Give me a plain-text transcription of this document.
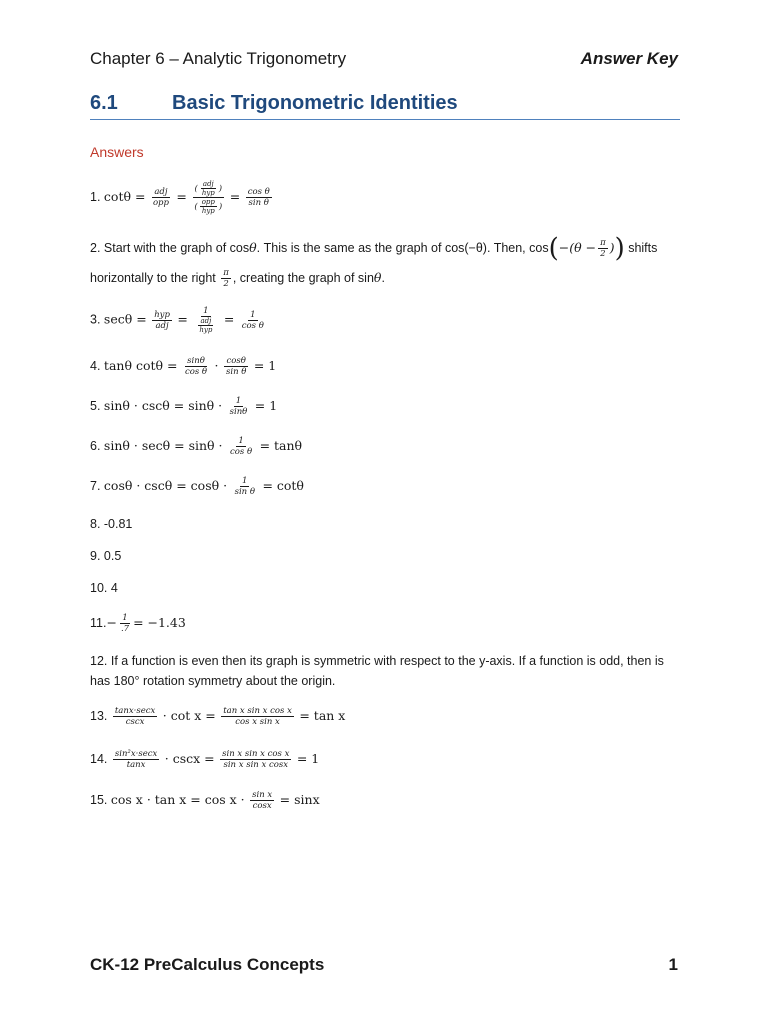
Chapter 6 – Analytic Trigonometry	Answer Key
6.1	Basic Trigonometric Identities
Answers
1. $\cot\theta = \frac{\text{adj}}{\text{opp}} = \frac{( \frac{\text{adj}}{\text{hyp}} )}{( \frac{\text{opp}}{\text{hyp}} )} = \frac{\text{cos θ}}{\text{sin θ}}$
2. Start with the graph of cosθ. This is the same as the graph of cos(−θ). Then, $\cos(-(\theta - \frac{\pi}{2}$ )) shifts
horizontally to the right $\frac{\pi}{2}$ , creating the graph of sinθ.
3. $\sec\theta = \frac{\text{hyp}}{\text{adj}} = \frac{1}{\frac{\text{adj}}{\text{hyp}}} = \frac{1}{\text{cos θ}}$
4. tanθ $\cot\theta = \frac{\sin\theta}{\text{cos θ}} \cdot \frac{\cos\theta}{\text{sin θ}} = 1$
5. $\sin\theta \cdot \csc\theta = \sin\theta \cdot \frac{1}{\sin\theta} = 1$
6. $\sin\theta \cdot \sec\theta = \sin\theta \cdot \frac{1}{\text{cos θ}} = \tan\theta$
7. $\cos\theta \cdot \csc\theta = \cos\theta \cdot \frac{1}{\text{sin θ}} = \cot\theta$
8. -0.81
9. 0.5
10. 4
$11.- \frac{1}{.7} = -1.43$
12. If a function is even then its graph is symmetric with respect to the y-axis. If a function is odd, then is has 180° rotation symmetry about the origin.
13. $\frac{\tan x\cdot\sec x}{\csc x} \cdot \cot x = \frac{\text{tan x sin x cos x}}{\text{cos x sin x}} = \tan x$
14. $\frac{\text{sin²x·secx}}{\tan x} \cdot \csc x = \frac{\text{sin x sin x cos x}}{\text{sin x sin x cosx}} = 1$
15. $\cos x \cdot \tan x = \cos x \cdot \frac{\text{sin x}}{\cos x} = \sin x$
CK-12 PreCalculus Concepts	1
